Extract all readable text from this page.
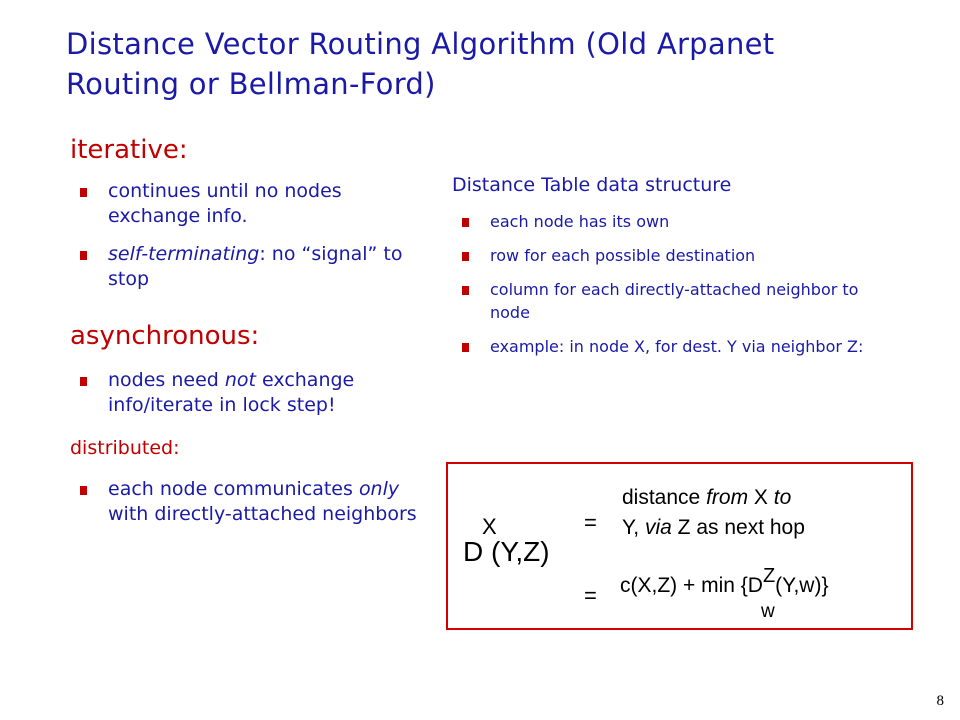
Distance Vector Routing Algorithm (Old Arpanet
Routing or Bellman-Ford)
iterative:
continues until no nodes exchange info.
self-terminating: no “signal” to stop
asynchronous:
nodes need not exchange info/iterate in lock step!
distributed:
each node communicates only with directly-attached neighbors
Distance Table data structure
each node has its own
row for each possible destination
column for each directly-attached neighbor to node
example: in node X, for dest. Y via neighbor Z:
X
D (Y,Z)
=
distance from X to
Y, via Z as next hop
= c(X,Z) + min {DZ(Y,w)}
w
8
